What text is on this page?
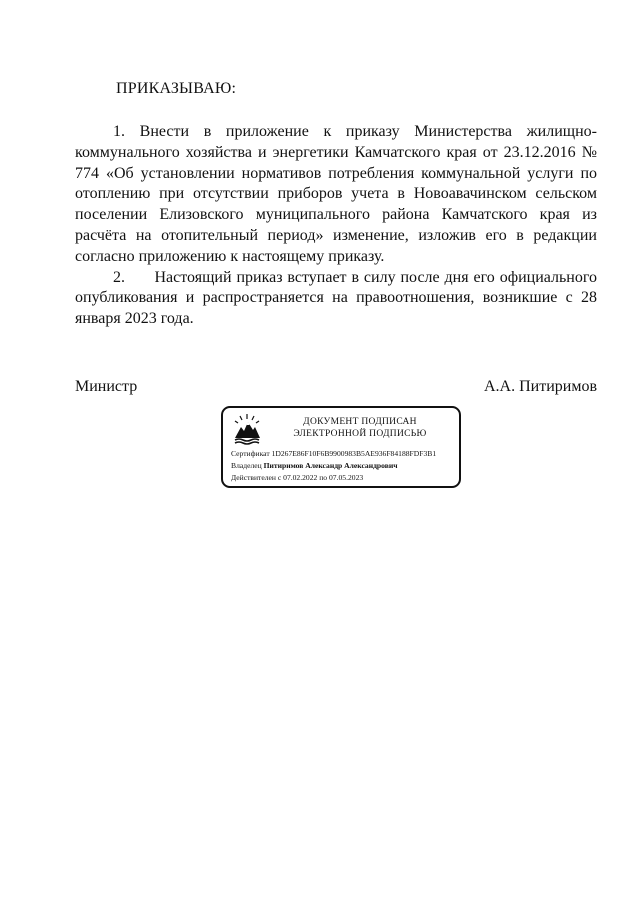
ПРИКАЗЫВАЮ:

1. Внести в приложение к приказу Министерства жилищно-коммунального хозяйства и энергетики Камчатского края от 23.12.2016 № 774 «Об установлении нормативов потребления коммунальной услуги по отоплению при отсутствии приборов учета в Новоавачинском сельском поселении Елизовского муниципального района Камчатского края из расчёта на отопительный период» изменение, изложив его в редакции согласно приложению к настоящему приказу.

2.      Настоящий приказ вступает в силу после дня его официального опубликования и распространяется на правоотношения, возникшие с 28 января 2023 года.

Министр	А.А. Питиримов
ДОКУМЕНТ ПОДПИСАН
ЭЛЕКТРОННОЙ ПОДПИСЬЮ
Сертификат 1D267E86F10F6B9900983B5AE936F84188FDF3B1
Владелец Питиримов Александр Александрович
Действителен с 07.02.2022 по 07.05.2023
